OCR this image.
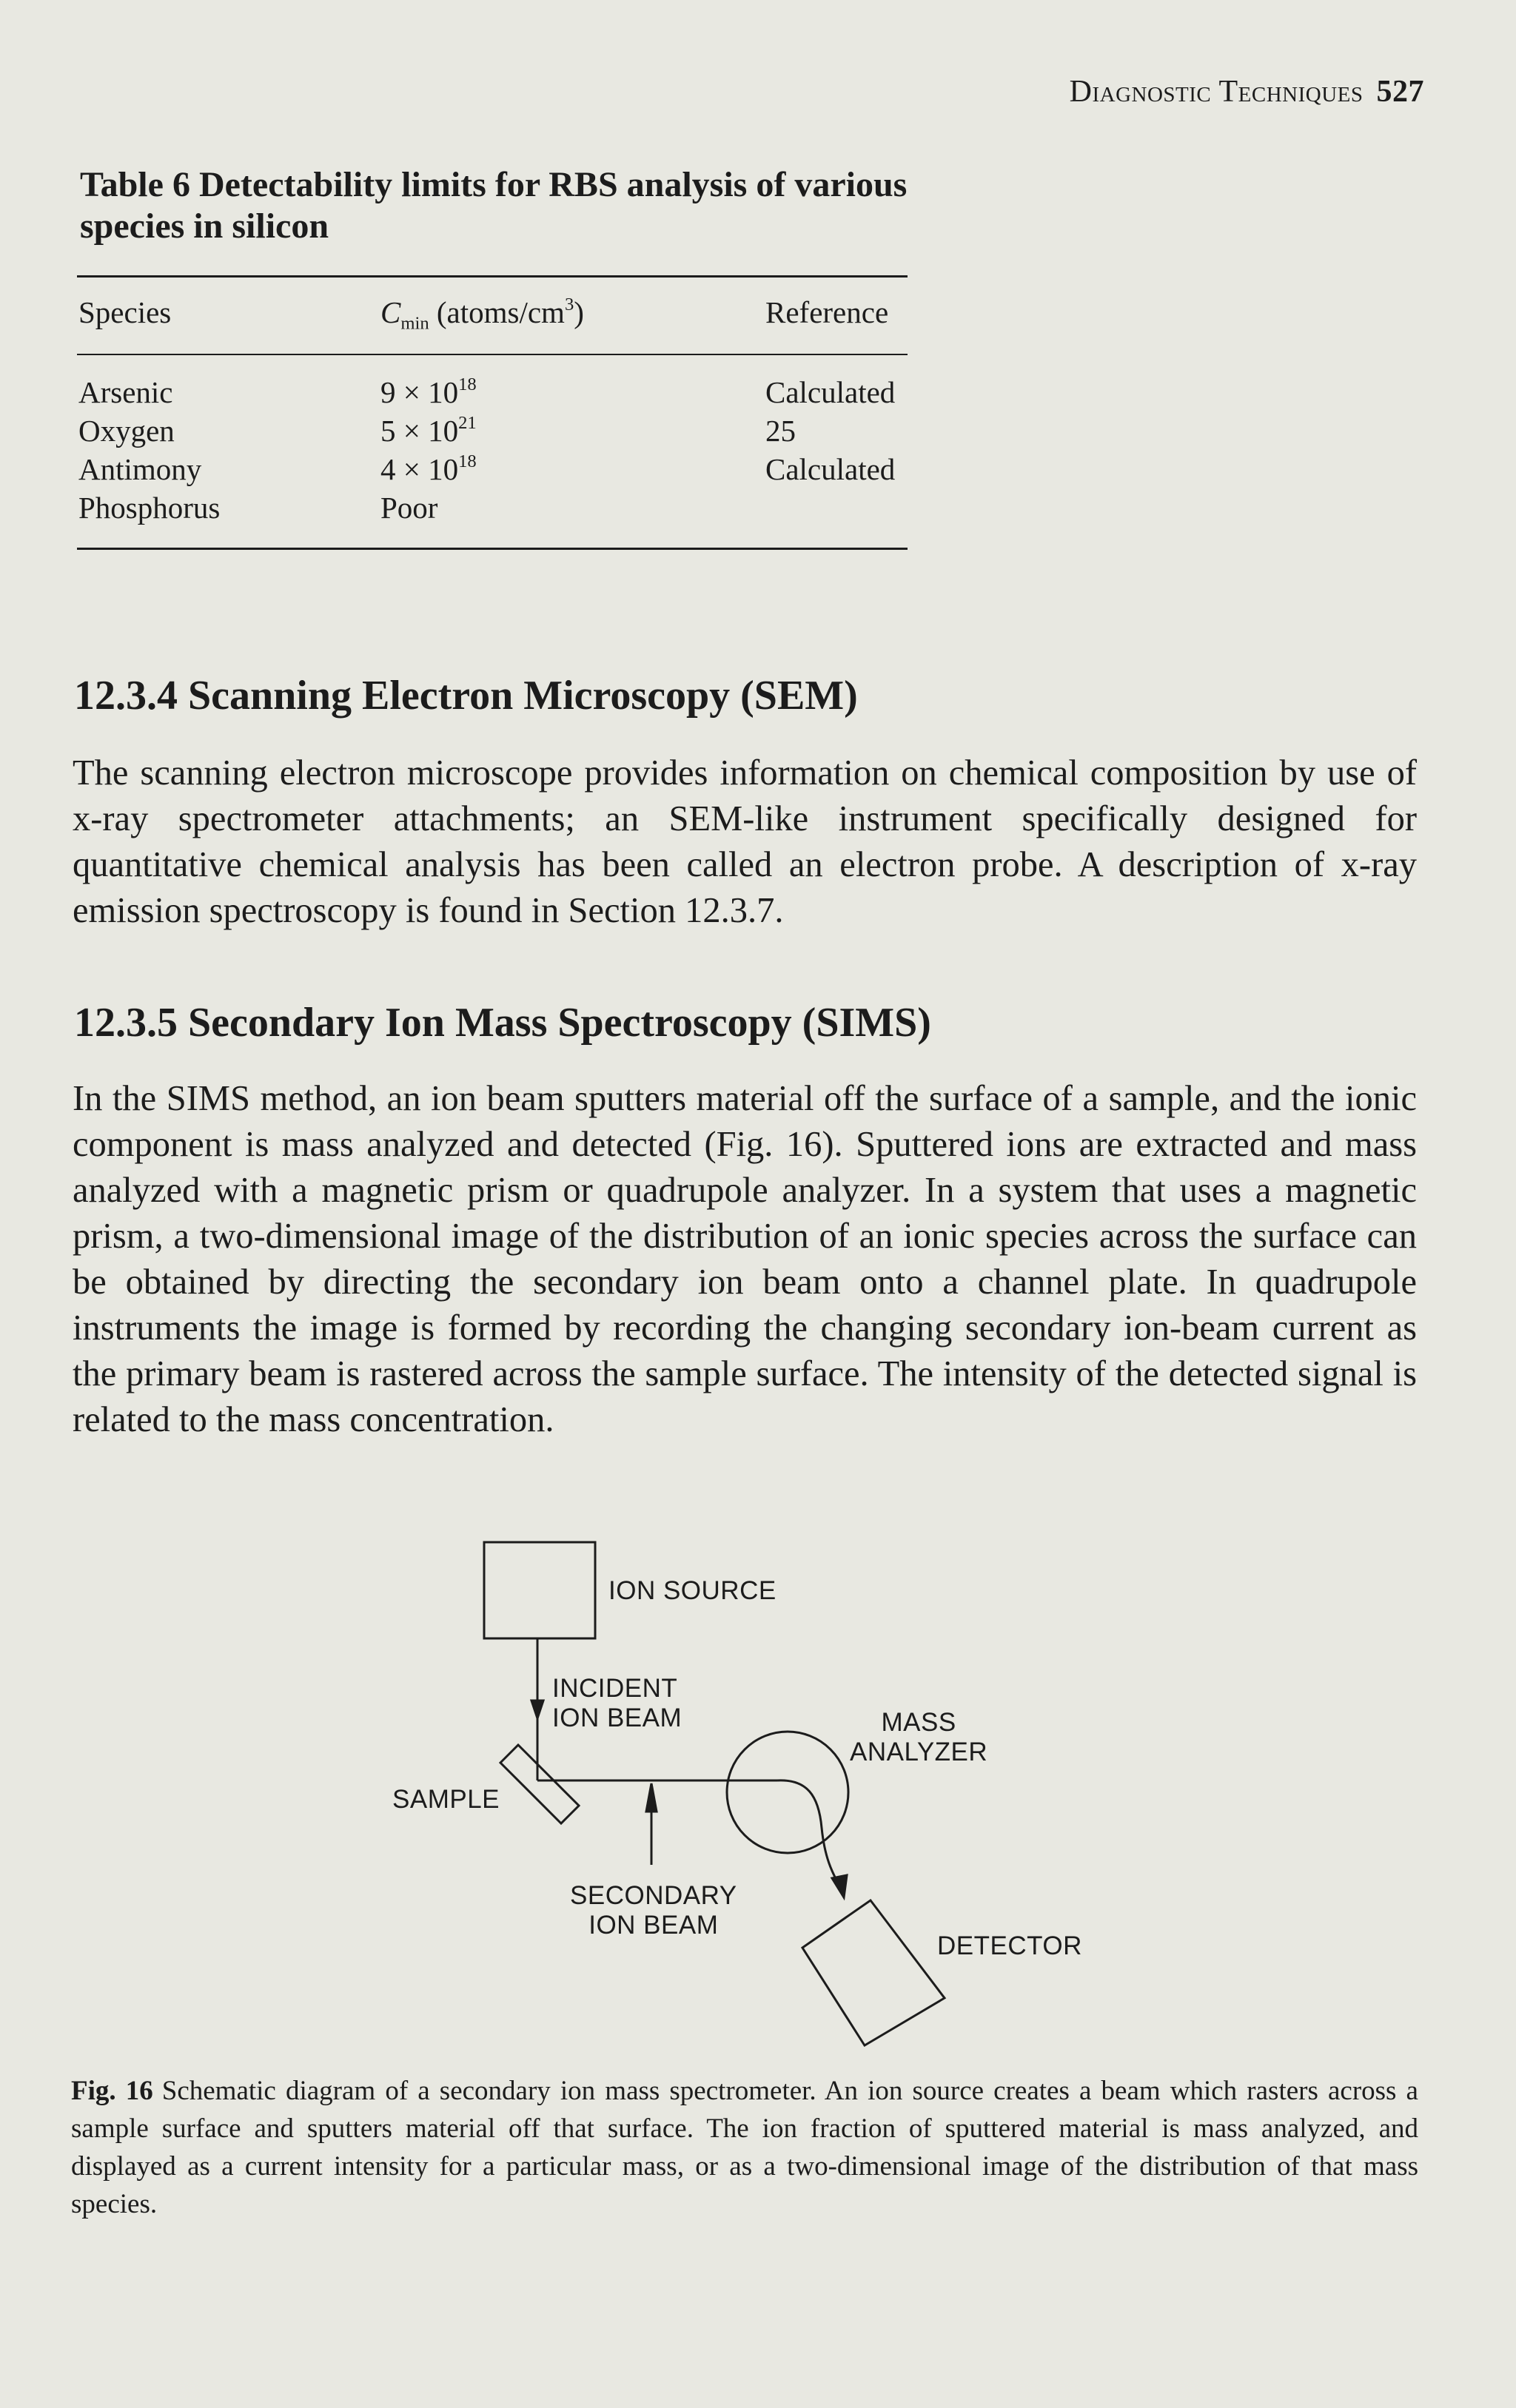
Diagnostic Techniques 527
Table 6 Detectability limits for RBS analysis of various species in silicon
Species	$C_{min}$ $(atoms/cm^3)$	Reference
Arsenic	$9 \times 10^{18}$	Calculated
Oxygen	$5 \times 10^{21}$	25
Antimony	$4 \times 10^{18}$	Calculated
Phosphorus	Poor
12.3.4 Scanning Electron Microscopy (SEM)
The scanning electron microscope provides information on chemical composition by use of x-ray spectrometer attachments; an SEM-like instrument specifically designed for quantitative chemical analysis has been called an electron probe. A description of x-ray emission spectroscopy is found in Section 12.3.7.
12.3.5 Secondary Ion Mass Spectroscopy (SIMS)
In the SIMS method, an ion beam sputters material off the surface of a sample, and the ionic component is mass analyzed and detected (Fig. 16). Sputtered ions are extracted and mass analyzed with a magnetic prism or quadrupole analyzer. In a system that uses a magnetic prism, a two-dimensional image of the distribution of an ionic species across the surface can be obtained by directing the secondary ion beam onto a channel plate. In quadrupole instruments the image is formed by recording the changing secondary ion-beam current as the primary beam is rastered across the sample surface. The intensity of the detected signal is related to the mass concentration.
ION SOURCE
INCIDENT
ION BEAM	MASS
ANALYZER
SAMPLE
SECONDARY
ION BEAM
DETECTOR
Fig. 16 Schematic diagram of a secondary ion mass spectrometer. An ion source creates a beam which rasters across a sample surface and sputters material off that surface. The ion fraction of sputtered material is mass analyzed, and displayed as a current intensity for a particular mass, or as a two-dimensional image of the distribution of that mass species.
